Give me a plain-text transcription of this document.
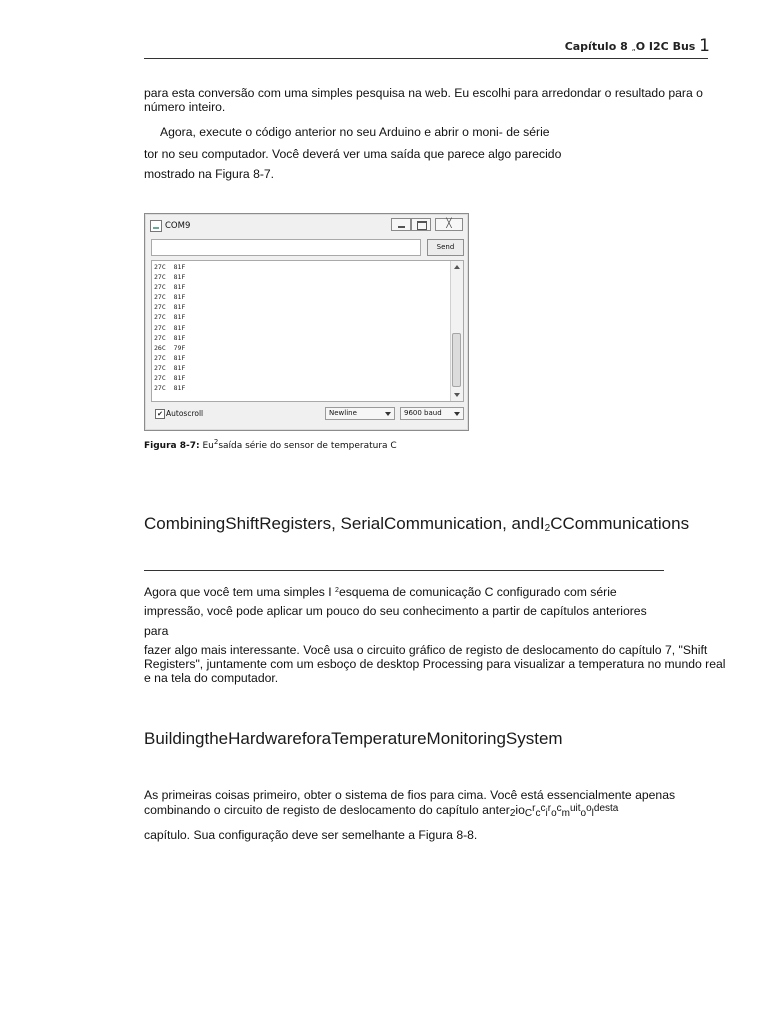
Capítulo 8 „O I2C Bus 1
para esta conversão com uma simples pesquisa na web. Eu escolhi para arredondar o resultado para o
número inteiro.
Agora, execute o código anterior no seu Arduino e abrir o moni- de série
tor no seu computador. Você deverá ver uma saída que parece algo parecido
mostrado na Figura 8-7.
COM9	╳
Send
27C  81F
27C  81F
27C  81F
27C  81F
27C  81F
27C  81F
27C  81F
27C  81F
26C  79F
27C  81F
27C  81F
27C  81F
27C  81F
✔ Autoscroll	Newline	9600 baud
Figura 8-7: Eu$^2$saída série do sensor de temperatura C
CombiningShiftRegisters, SerialCommunication, andI$_2$CCommunications
Agora que você tem uma simples I $^2$esquema de comunicação C configurado com série
impressão, você pode aplicar um pouco do seu conhecimento a partir de capítulos anteriores
para
fazer algo mais interessante. Você usa o circuito gráfico de registo de deslocamento do capítulo 7, "Shift Registers", juntamente com um esboço de desktop Processing para visualizar a temperatura no mundo real e na tela do computador.
BuildingtheHardwareforaTemperatureMonitoringSystem
As primeiras coisas primeiro, obter o sistema de fios para cima. Você está essencialmente apenas
combinando o circuito de registo de deslocamento do capítulo $anter_2io_C^r_c^c_i^r_o^c_m^{uit}_o^o_l^{desta}$
capítulo. Sua configuração deve ser semelhante a Figura 8-8.
